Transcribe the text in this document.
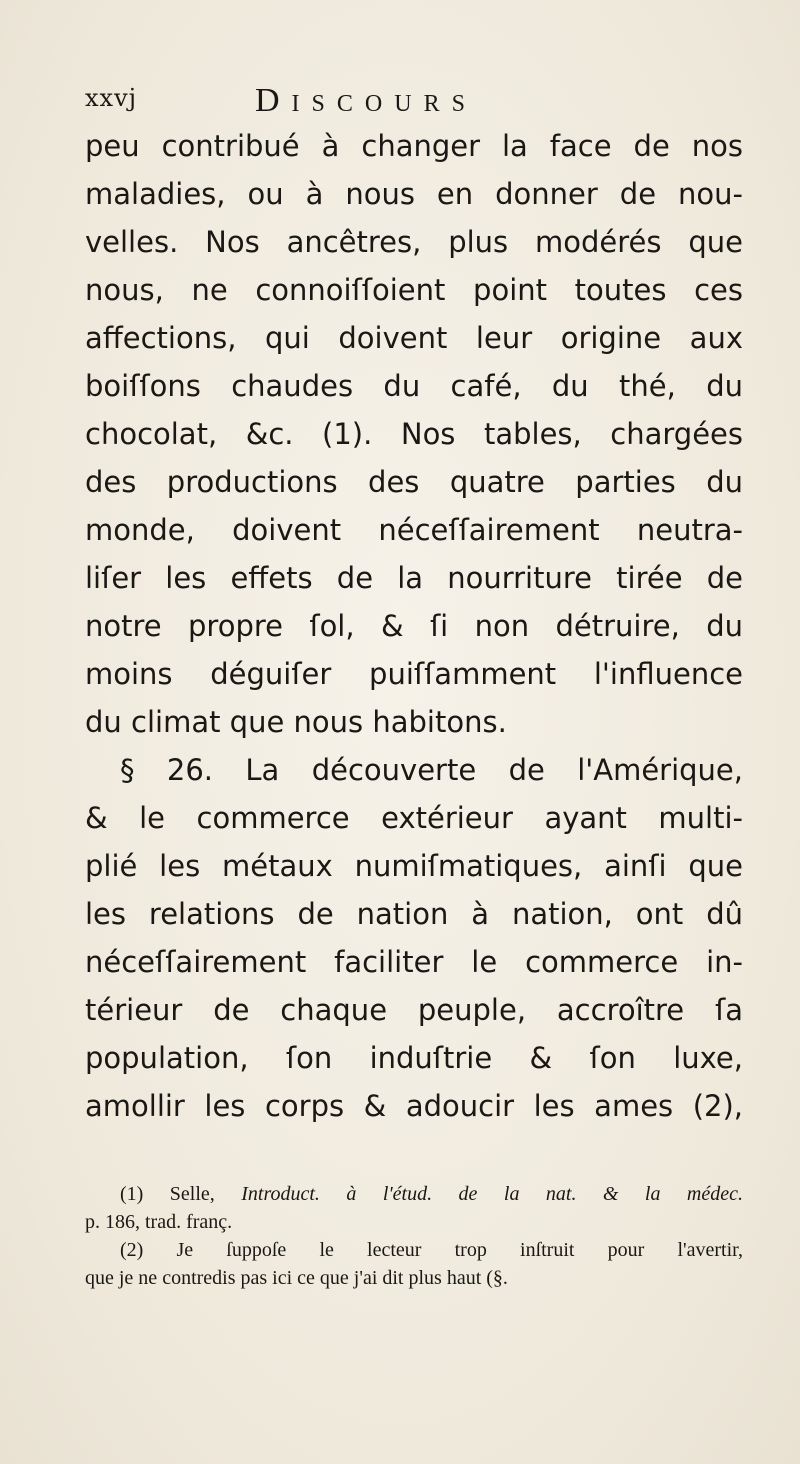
xxvj	Discours
peu contribué à changer la face de nos
maladies, ou à nous en donner de nou-
velles. Nos ancêtres, plus modérés que
nous, ne connoiſſoient point toutes ces
affections, qui doivent leur origine aux
boiſſons chaudes du café, du thé, du
chocolat, &c. (1). Nos tables, chargées
des productions des quatre parties du
monde, doivent néceſſairement neutra-
liſer les effets de la nourriture tirée de
notre propre ſol, & ſi non détruire, du
moins déguiſer puiſſamment l'influence
du climat que nous habitons.
§ 26. La découverte de l'Amérique,
& le commerce extérieur ayant multi-
plié les métaux numiſmatiques, ainſi que
les relations de nation à nation, ont dû
néceſſairement faciliter le commerce in-
térieur de chaque peuple, accroître ſa
population, ſon induſtrie & ſon luxe,
amollir les corps & adoucir les ames (2),
(1) Selle, Introduct. à l'étud. de la nat. & la médec.
p. 186, trad. franç.
(2) Je ſuppoſe le lecteur trop inſtruit pour l'avertir,
que je ne contredis pas ici ce que j'ai dit plus haut (§.
